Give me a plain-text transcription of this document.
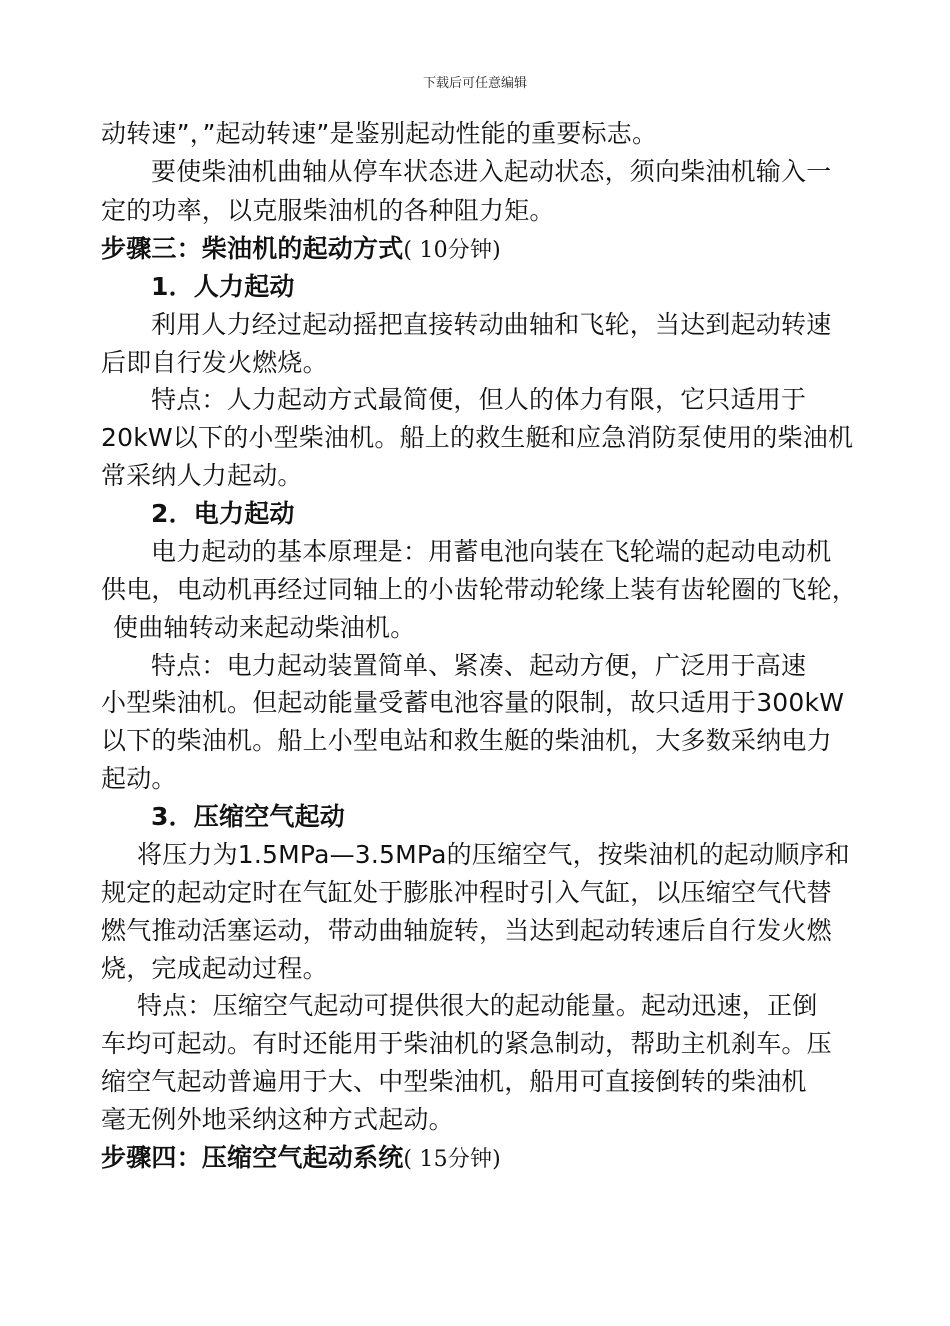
下载后可任意编辑
动转速”，”起动转速”是鉴别起动性能的重要标志。
要使柴油机曲轴从停车状态进入起动状态，须向柴油机输入一
定的功率，以克服柴油机的各种阻力矩。
步骤三：柴油机的起动方式( 10分钟)
1．人力起动
利用人力经过起动摇把直接转动曲轴和飞轮，当达到起动转速
后即自行发火燃烧。
特点：人力起动方式最简便，但人的体力有限，它只适用于
20kW以下的小型柴油机。船上的救生艇和应急消防泵使用的柴油机
常采纳人力起动。
2．电力起动
电力起动的基本原理是：用蓄电池向装在飞轮端的起动电动机
供电，电动机再经过同轴上的小齿轮带动轮缘上装有齿轮圈的飞轮，
使曲轴转动来起动柴油机。
特点：电力起动装置简单、紧凑、起动方便，广泛用于高速
小型柴油机。但起动能量受蓄电池容量的限制，故只适用于300kW
以下的柴油机。船上小型电站和救生艇的柴油机，大多数采纳电力
起动。
3．压缩空气起动
将压力为1.5MPa—3.5MPa的压缩空气，按柴油机的起动顺序和
规定的起动定时在气缸处于膨胀冲程时引入气缸，以压缩空气代替
燃气推动活塞运动，带动曲轴旋转，当达到起动转速后自行发火燃
烧，完成起动过程。
特点：压缩空气起动可提供很大的起动能量。起动迅速，正倒
车均可起动。有时还能用于柴油机的紧急制动，帮助主机刹车。压
缩空气起动普遍用于大、中型柴油机，船用可直接倒转的柴油机
毫无例外地采纳这种方式起动。
步骤四：压缩空气起动系统( 15分钟)
